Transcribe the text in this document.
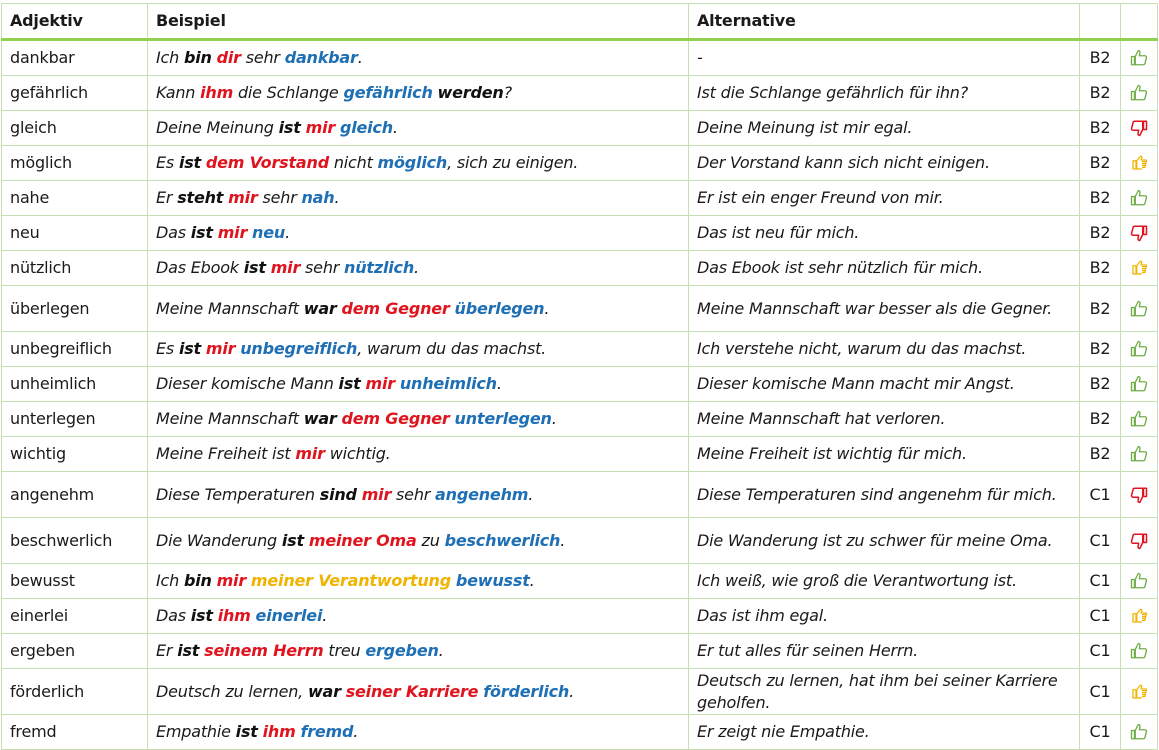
Adjektiv	Beispiel	Alternative		
dankbar	Ich bin dir sehr dankbar.	-	B2	

gefährlich	Kann ihm die Schlange gefährlich werden?	Ist die Schlange gefährlich für ihn?	B2	

gleich	Deine Meinung ist mir gleich.	Deine Meinung ist mir egal.	B2	

möglich	Es ist dem Vorstand nicht möglich, sich zu einigen.	Der Vorstand kann sich nicht einigen.	B2	

nahe	Er steht mir sehr nah.	Er ist ein enger Freund von mir.	B2	

neu	Das ist mir neu.	Das ist neu für mich.	B2	

nützlich	Das Ebook ist mir sehr nützlich.	Das Ebook ist sehr nützlich für mich.	B2	

überlegen	Meine Mannschaft war dem Gegner überlegen.	Meine Mannschaft war besser als die Gegner.	B2	

unbegreiflich	Es ist mir unbegreiflich, warum du das machst.	Ich verstehe nicht, warum du das machst.	B2	

unheimlich	Dieser komische Mann ist mir unheimlich.	Dieser komische Mann macht mir Angst.	B2	

unterlegen	Meine Mannschaft war dem Gegner unterlegen.	Meine Mannschaft hat verloren.	B2	

wichtig	Meine Freiheit ist mir wichtig.	Meine Freiheit ist wichtig für mich.	B2	

angenehm	Diese Temperaturen sind mir sehr angenehm.	Diese Temperaturen sind angenehm für mich.	C1	

beschwerlich	Die Wanderung ist meiner Oma zu beschwerlich.	Die Wanderung ist zu schwer für meine Oma.	C1	

bewusst	Ich bin mir meiner Verantwortung bewusst.	Ich weiß, wie groß die Verantwortung ist.	C1	

einerlei	Das ist ihm einerlei.	Das ist ihm egal.	C1	

ergeben	Er ist seinem Herrn treu ergeben.	Er tut alles für seinen Herrn.	C1	

förderlich	Deutsch zu lernen, war seiner Karriere förderlich.	Deutsch zu lernen, hat ihm bei seiner Karriere geholfen.	C1	

fremd	Empathie ist ihm fremd.	Er zeigt nie Empathie.	C1	
